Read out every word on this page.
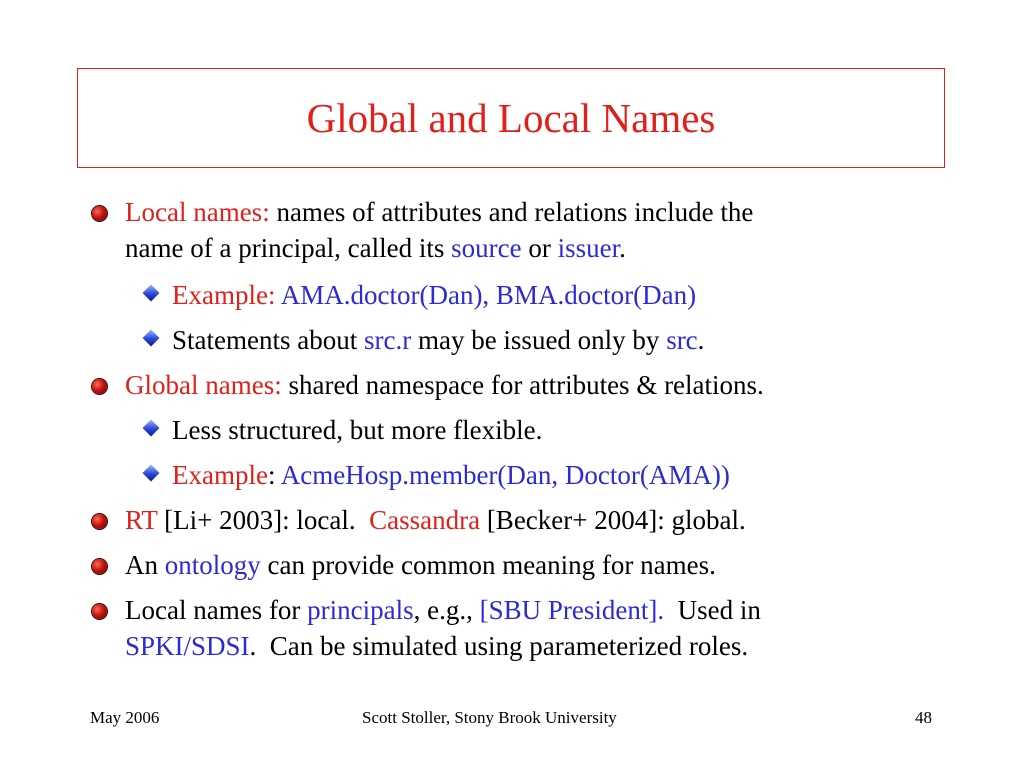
Global and Local Names
Local names: names of attributes and relations include the
name of a principal, called its source or issuer.
Example: AMA.doctor(Dan), BMA.doctor(Dan)
Statements about src.r may be issued only by src.
Global names: shared namespace for attributes & relations.
Less structured, but more flexible.
Example: AcmeHosp.member(Dan, Doctor(AMA))
RT [Li+ 2003]: local.  Cassandra [Becker+ 2004]: global.
An ontology can provide common meaning for names.
Local names for principals, e.g., [SBU President].  Used in
SPKI/SDSI.  Can be simulated using parameterized roles.
May 2006	Scott Stoller, Stony Brook University	48
